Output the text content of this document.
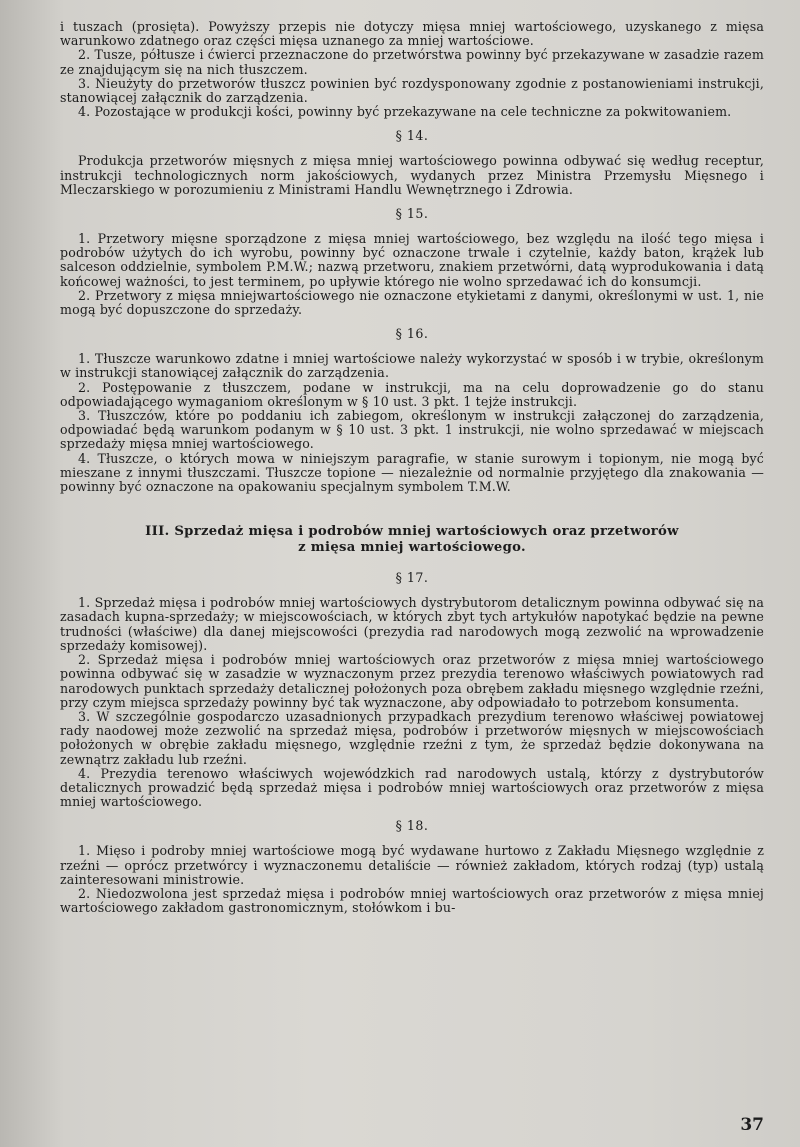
i tuszach (prosięta). Powyższy przepis nie dotyczy mięsa mniej wartościowego, uzyskanego z mięsa warunkowo zdatnego oraz części mięsa uznanego za mniej wartościowe.

2. Tusze, półtusze i ćwierci przeznaczone do przetwórstwa powinny być przekazywane w zasadzie razem ze znajdującym się na nich tłuszczem.

3. Nieużyty do przetworów tłuszcz powinien być rozdysponowany zgodnie z postanowieniami instrukcji, stanowiącej załącznik do zarządzenia.

4. Pozostające w produkcji kości, powinny być przekazywane na cele techniczne za pokwitowaniem.

§ 14.

Produkcja przetworów mięsnych z mięsa mniej wartościowego powinna odbywać się według receptur, instrukcji technologicznych norm jakościowych, wydanych przez Ministra Przemysłu Mięsnego i Mleczarskiego w porozumieniu z Ministrami Handlu Wewnętrznego i Zdrowia.

§ 15.

1. Przetwory mięsne sporządzone z mięsa mniej wartościowego, bez względu na ilość tego mięsa i podrobów użytych do ich wyrobu, powinny być oznaczone trwale i czytelnie, każdy baton, krążek lub salceson oddzielnie, symbolem P.M.W.; nazwą przetworu, znakiem przetwórni, datą wyprodukowania i datą końcowej ważności, to jest terminem, po upływie którego nie wolno sprzedawać ich do konsumcji.

2. Przetwory z mięsa mniejwartościowego nie oznaczone etykietami z danymi, określonymi w ust. 1, nie mogą być dopuszczone do sprzedaży.

§ 16.

1. Tłuszcze warunkowo zdatne i mniej wartościowe należy wykorzystać w sposób i w trybie, określonym w instrukcji stanowiącej załącznik do zarządzenia.

2. Postępowanie z tłuszczem, podane w instrukcji, ma na celu doprowadzenie go do stanu odpowiadającego wymaganiom określonym w § 10 ust. 3 pkt. 1 tejże instrukcji.

3. Tłuszczów, które po poddaniu ich zabiegom, określonym w instrukcji załączonej do zarządzenia, odpowiadać będą warunkom podanym w § 10 ust. 3 pkt. 1 instrukcji, nie wolno sprzedawać w miejscach sprzedaży mięsa mniej wartościowego.

4. Tłuszcze, o których mowa w niniejszym paragrafie, w stanie surowym i topionym, nie mogą być mieszane z innymi tłuszczami. Tłuszcze topione — niezależnie od normalnie przyjętego dla znakowania — powinny być oznaczone na opakowaniu specjalnym symbolem T.M.W.

III. Sprzedaż mięsa i podrobów mniej wartościowych oraz przetworów
z mięsa mniej wartościowego.
§ 17.

1. Sprzedaż mięsa i podrobów mniej wartościowych dystrybutorom detalicznym powinna odbywać się na zasadach kupna-sprzedaży; w miejscowościach, w których zbyt tych artykułów napotykać będzie na pewne trudności (właściwe) dla danej miejscowości (prezydia rad narodowych mogą zezwolić na wprowadzenie sprzedaży komisowej).

2. Sprzedaż mięsa i podrobów mniej wartościowych oraz przetworów z mięsa mniej wartościowego powinna odbywać się w zasadzie w wyznaczonym przez prezydia terenowo właściwych powiatowych rad narodowych punktach sprzedaży detalicznej położonych poza obrębem zakładu mięsnego względnie rzeźni, przy czym miejsca sprzedaży powinny być tak wyznaczone, aby odpowiadało to potrzebom konsumenta.

3. W szczególnie gospodarczo uzasadnionych przypadkach prezydium terenowo właściwej powiatowej rady naodowej może zezwolić na sprzedaż mięsa, podrobów i przetworów mięsnych w miejscowościach położonych w obrębie zakładu mięsnego, względnie rzeźni z tym, że sprzedaż będzie dokonywana na zewnątrz zakładu lub rzeźni.

4. Prezydia terenowo właściwych wojewódzkich rad narodowych ustalą, którzy z dystrybutorów detalicznych prowadzić będą sprzedaż mięsa i podrobów mniej wartościowych oraz przetworów z mięsa mniej wartościowego.

§ 18.

1. Mięso i podroby mniej wartościowe mogą być wydawane hurtowo z Zakładu Mięsnego względnie z rzeźni — oprócz przetwórcy i wyznaczonemu detaliście — również zakładom, których rodzaj (typ) ustalą zainteresowani ministrowie.

2. Niedozwolona jest sprzedaż mięsa i podrobów mniej wartościowych oraz przetworów z mięsa mniej wartościowego zakładom gastronomicznym, stołówkom i bu-

37
